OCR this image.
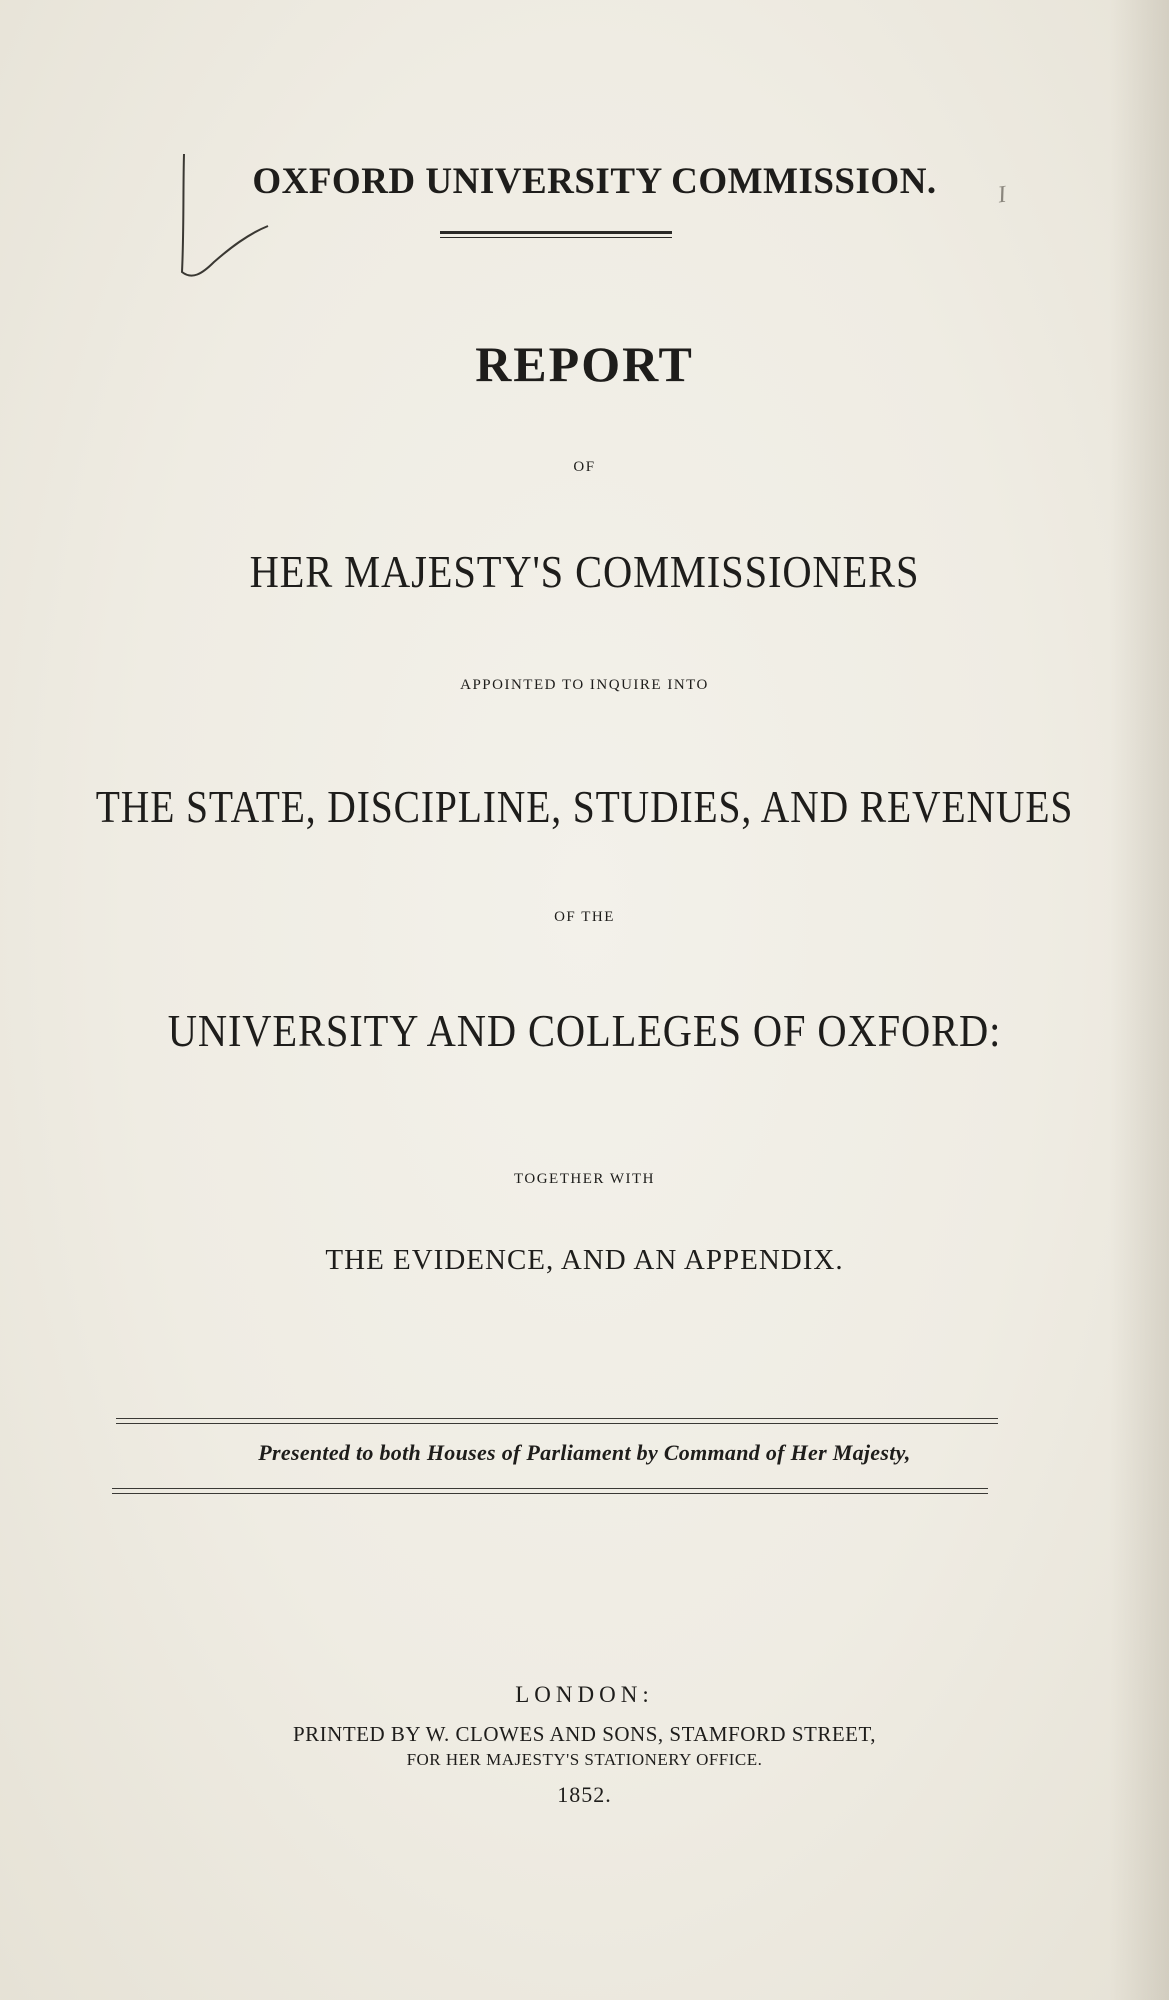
I
OXFORD UNIVERSITY COMMISSION.
REPORT
OF
HER MAJESTY'S COMMISSIONERS
APPOINTED TO INQUIRE INTO
THE STATE, DISCIPLINE, STUDIES, AND REVENUES
OF THE
UNIVERSITY AND COLLEGES OF OXFORD:
TOGETHER WITH
THE EVIDENCE, AND AN APPENDIX.
Presented to both Houses of Parliament by Command of Her Majesty,
LONDON:
PRINTED BY W. CLOWES AND SONS, STAMFORD STREET,
FOR HER MAJESTY'S STATIONERY OFFICE.
1852.
